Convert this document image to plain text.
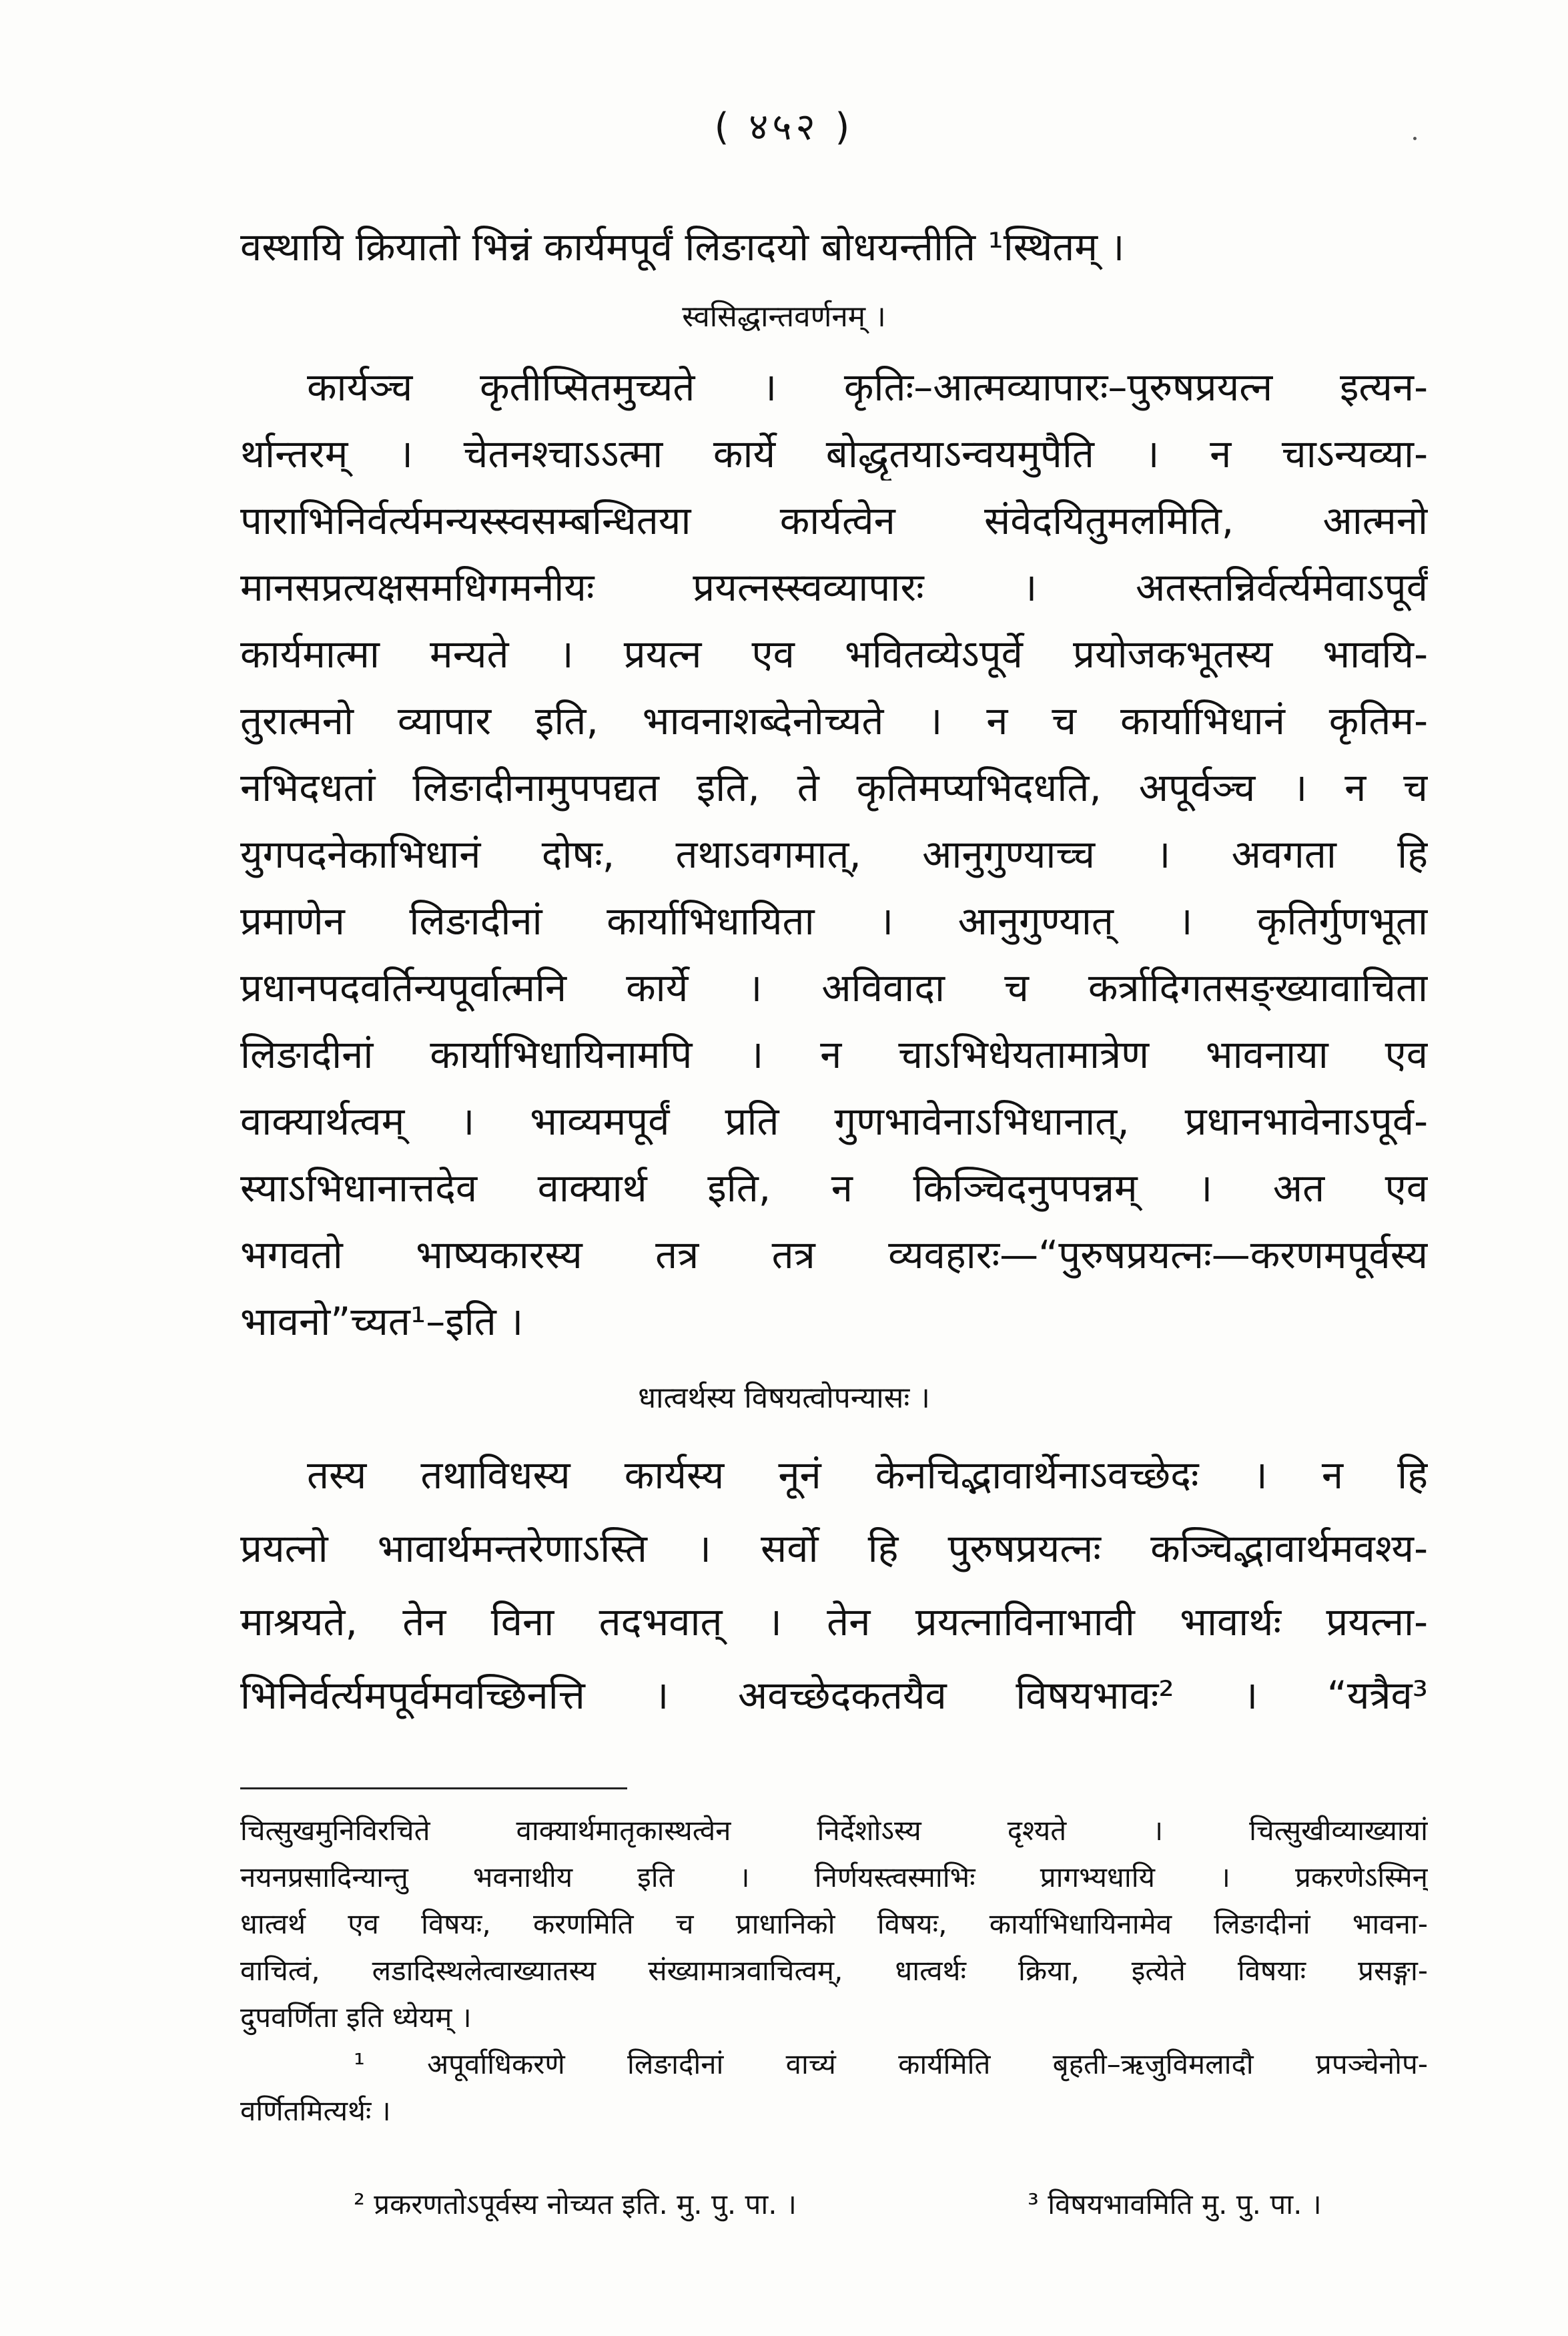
( ४५२ )
वस्थायि क्रियातो भिन्नं कार्यमपूर्वं लिङादयो बोधयन्तीति ¹स्थितम् ।
स्वसिद्धान्तवर्णनम् ।
कार्यञ्च कृतीप्सितमुच्यते । कृतिः–आत्मव्यापारः–पुरुषप्रयत्न इत्यन-
र्थान्तरम् । चेतनश्चाऽऽत्मा कार्ये बोद्धृतयाऽन्वयमुपैति । न चाऽन्यव्या-
पाराभिनिर्वर्त्यमन्यस्स्वसम्बन्धितया कार्यत्वेन संवेदयितुमलमिति, आत्मनो
मानसप्रत्यक्षसमधिगमनीयः प्रयत्नस्स्वव्यापारः । अतस्तन्निर्वर्त्यमेवाऽपूर्वं
कार्यमात्मा मन्यते । प्रयत्न एव भवितव्येऽपूर्वे प्रयोजकभूतस्य भावयि-
तुरात्मनो व्यापार इति, भावनाशब्देनोच्यते । न च कार्याभिधानं कृतिम-
नभिदधतां लिङादीनामुपपद्यत इति, ते कृतिमप्यभिदधति, अपूर्वञ्च । न च
युगपदनेकाभिधानं दोषः, तथाऽवगमात्, आनुगुण्याच्च । अवगता हि
प्रमाणेन लिङादीनां कार्याभिधायिता । आनुगुण्यात् । कृतिर्गुणभूता
प्रधानपदवर्तिन्यपूर्वात्मनि कार्ये । अविवादा च कर्त्रादिगतसङ्ख्यावाचिता
लिङादीनां कार्याभिधायिनामपि । न चाऽभिधेयतामात्रेण भावनाया एव
वाक्यार्थत्वम् । भाव्यमपूर्वं प्रति गुणभावेनाऽभिधानात्, प्रधानभावेनाऽपूर्व-
स्याऽभिधानात्तदेव वाक्यार्थ इति, न किञ्चिदनुपपन्नम् । अत एव
भगवतो भाष्यकारस्य तत्र तत्र व्यवहारः—“पुरुषप्रयत्नः—करणमपूर्वस्य
भावनो”च्यत¹–इति ।
धात्वर्थस्य विषयत्वोपन्यासः ।
तस्य तथाविधस्य कार्यस्य नूनं केनचिद्भावार्थेनाऽवच्छेदः । न हि
प्रयत्नो भावार्थमन्तरेणाऽस्ति । सर्वो हि पुरुषप्रयत्नः कञ्चिद्भावार्थमवश्य-
माश्रयते, तेन विना तदभवात् । तेन प्रयत्नाविनाभावी भावार्थः प्रयत्ना-
भिनिर्वर्त्यमपूर्वमवच्छिनत्ति । अवच्छेदकतयैव विषयभावः² । “यत्रैव³
चित्सुखमुनिविरचिते वाक्यार्थमातृकास्थत्वेन निर्देशोऽस्य दृश्यते । चित्सुखीव्याख्यायां
नयनप्रसादिन्यान्तु भवनाथीय इति । निर्णयस्त्वस्माभिः प्रागभ्यधायि । प्रकरणेऽस्मिन्
धात्वर्थ एव विषयः, करणमिति च प्राधानिको विषयः, कार्याभिधायिनामेव लिङादीनां भावना-
वाचित्वं, लडादिस्थलेत्वाख्यातस्य संख्यामात्रवाचित्वम्, धात्वर्थः क्रिया, इत्येते विषयाः प्रसङ्गा-
दुपवर्णिता इति ध्येयम् ।
¹ अपूर्वाधिकरणे लिङादीनां वाच्यं कार्यमिति बृहती–ऋजुविमलादौ प्रपञ्चेनोप-
वर्णितमित्यर्थः ।
² प्रकरणतोऽपूर्वस्य नोच्यत इति. मु. पु. पा. ।	³ विषयभावमिति मु. पु. पा. ।
